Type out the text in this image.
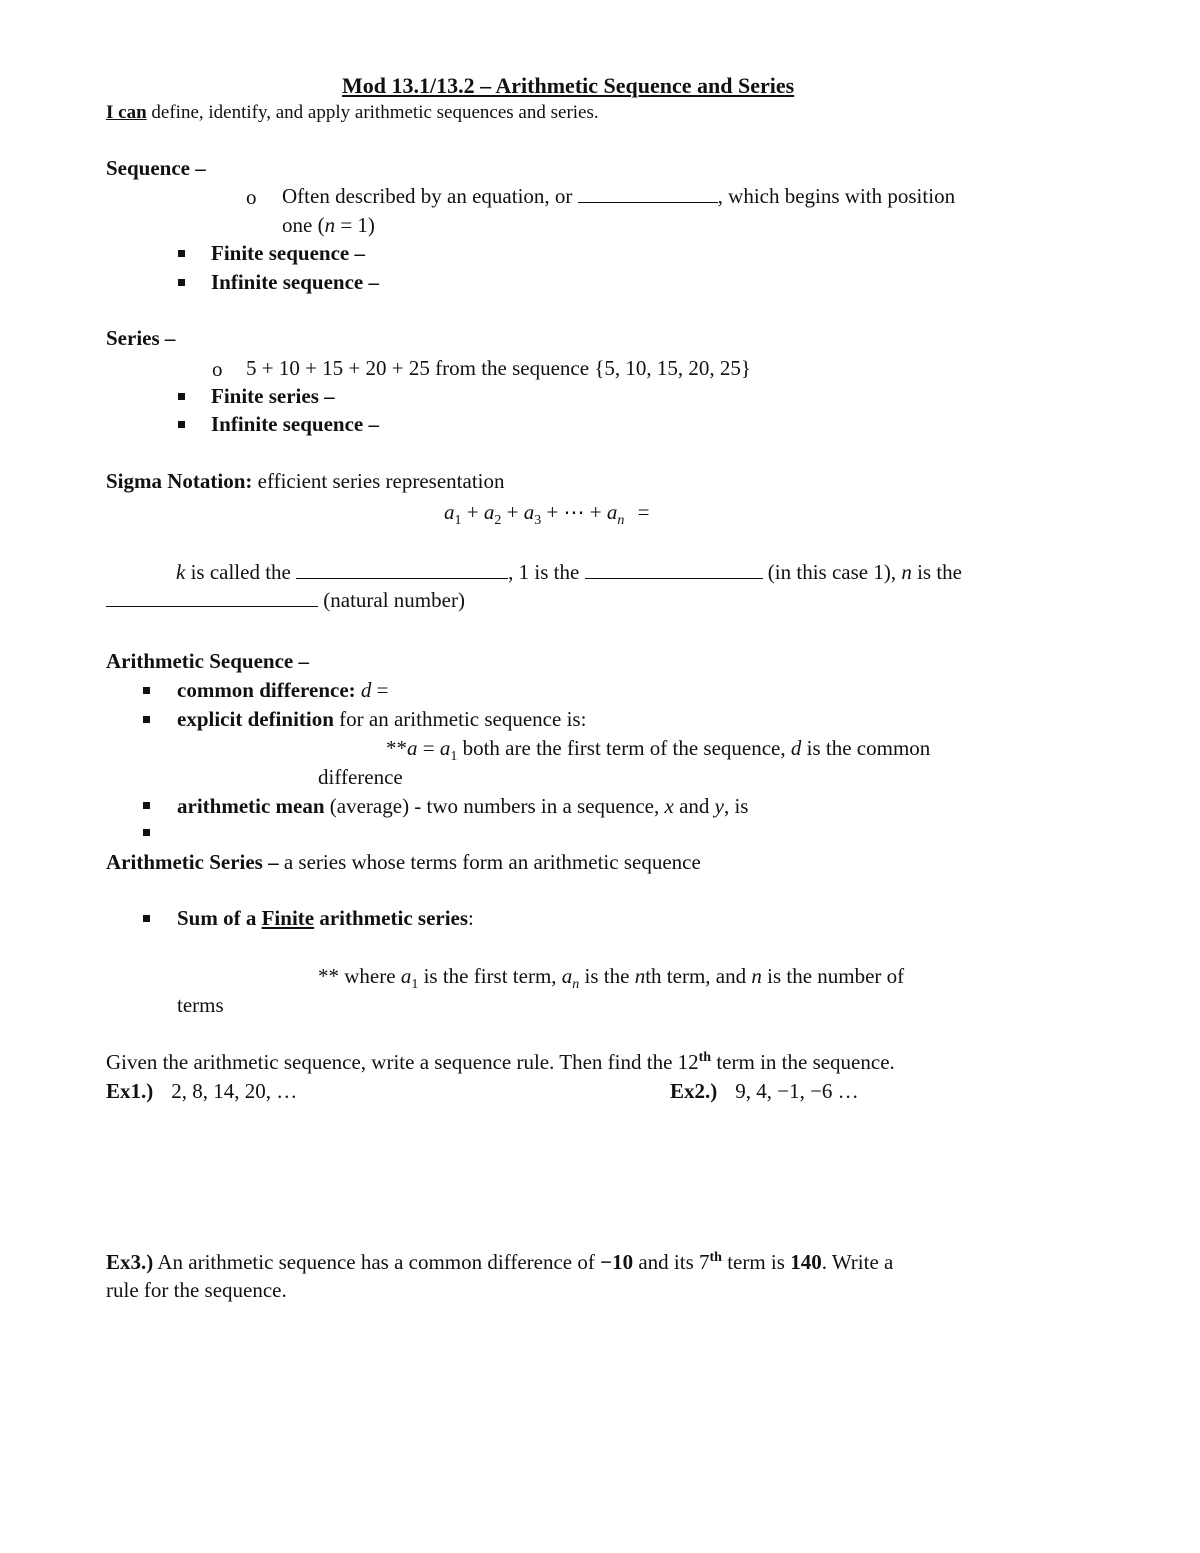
Mod 13.1/13.2 – Arithmetic Sequence and Series
I can define, identify, and apply arithmetic sequences and series.
Sequence –
o Often described by an equation, or	, which begins with position
one (n = 1)
Finite sequence –
Infinite sequence –
Series –
o 5 + 10 + 15 + 20 + 25 from the sequence {5, 10, 15, 20, 25}
Finite series –
Infinite sequence –
Sigma Notation: efficient series representation
$a_1 + a_2 + a_3$ + ⋯ + $a_n$ =
k is called the	, 1 is the	(in this case 1), n is the
(natural number)
Arithmetic Sequence –
common difference: d =
explicit definition for an arithmetic sequence is:
$**a = a_1$ both are the first term of the sequence, d is the common
difference
arithmetic mean (average) - two numbers in a sequence, x and y, is
Arithmetic Series – a series whose terms form an arithmetic sequence
Sum of a Finite arithmetic series:
** where $a_1$ is the first term, $a_n$ is the nth term, and n is the number of
terms
Given the arithmetic sequence, write a sequence rule. Then find the 12th term in the sequence.
Ex1.) 2, 8, 14, 20, …	Ex2.) 9, 4, −1, −6 …
Ex3.) An arithmetic sequence has a common difference of −10 and its 7th term is 140. Write a
rule for the sequence.
